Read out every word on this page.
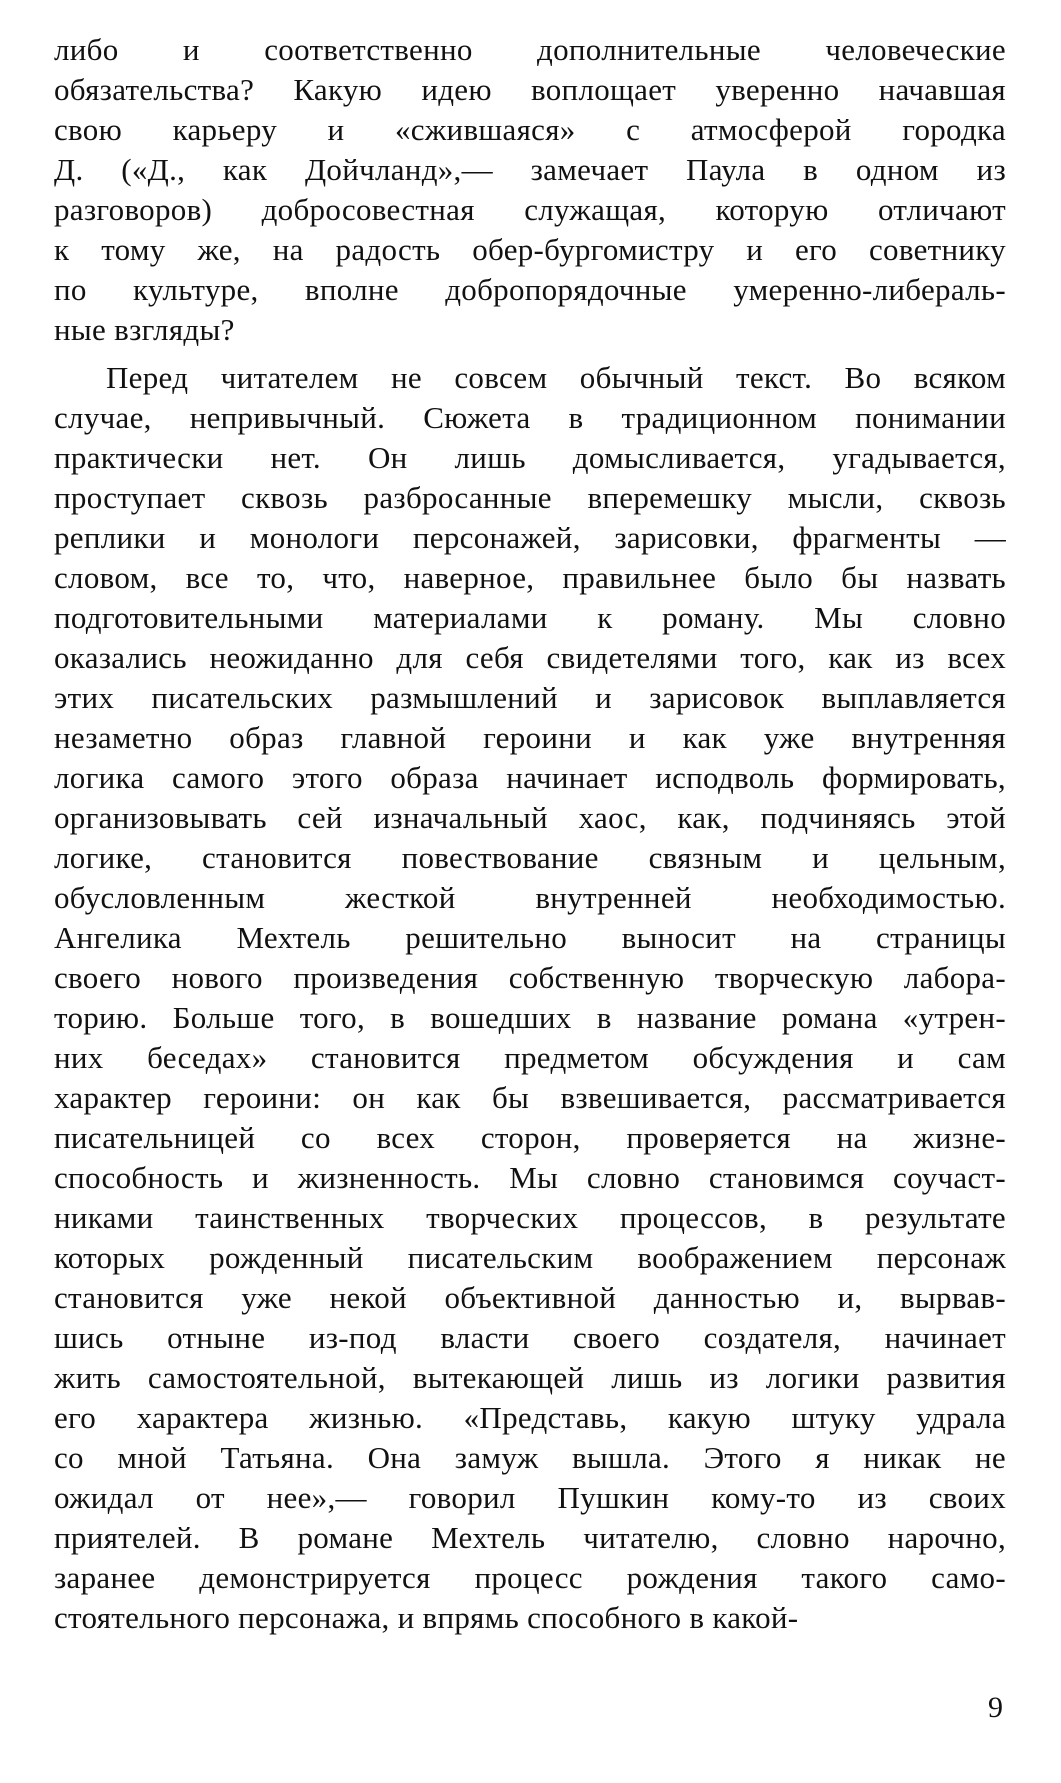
либо и соответственно дополнительные человеческие
обязательства? Какую идею воплощает уверенно начавшая
свою карьеру и «сжившаяся» с атмосферой городка
Д. («Д., как Дойчланд»,— замечает Паула в одном из
разговоров) добросовестная служащая, которую отличают
к тому же, на радость обер-бургомистру и его советнику
по культуре, вполне добропорядочные умеренно-либераль-
ные взгляды?

Перед читателем не совсем обычный текст. Во всяком
случае, непривычный. Сюжета в традиционном понимании
практически нет. Он лишь домысливается, угадывается,
проступает сквозь разбросанные вперемешку мысли, сквозь
реплики и монологи персонажей, зарисовки, фрагменты —
словом, все то, что, наверное, правильнее было бы назвать
подготовительными материалами к роману. Мы словно
оказались неожиданно для себя свидетелями того, как из всех
этих писательских размышлений и зарисовок выплавляется
незаметно образ главной героини и как уже внутренняя
логика самого этого образа начинает исподволь формировать,
организовывать сей изначальный хаос, как, подчиняясь этой
логике, становится повествование связным и цельным,
обусловленным жесткой внутренней необходимостью.
Ангелика Мехтель решительно выносит на страницы
своего нового произведения собственную творческую лабора-
торию. Больше того, в вошедших в название романа «утрен-
них беседах» становится предметом обсуждения и сам
характер героини: он как бы взвешивается, рассматривается
писательницей со всех сторон, проверяется на жизне-
способность и жизненность. Мы словно становимся соучаст-
никами таинственных творческих процессов, в результате
которых рожденный писательским воображением персонаж
становится уже некой объективной данностью и, вырвав-
шись отныне из-под власти своего создателя, начинает
жить самостоятельной, вытекающей лишь из логики развития
его характера жизнью. «Представь, какую штуку удрала
со мной Татьяна. Она замуж вышла. Этого я никак не
ожидал от нее»,— говорил Пушкин кому-то из своих
приятелей. В романе Мехтель читателю, словно нарочно,
заранее демонстрируется процесс рождения такого само-
стоятельного персонажа, и впрямь способного в какой-

9
